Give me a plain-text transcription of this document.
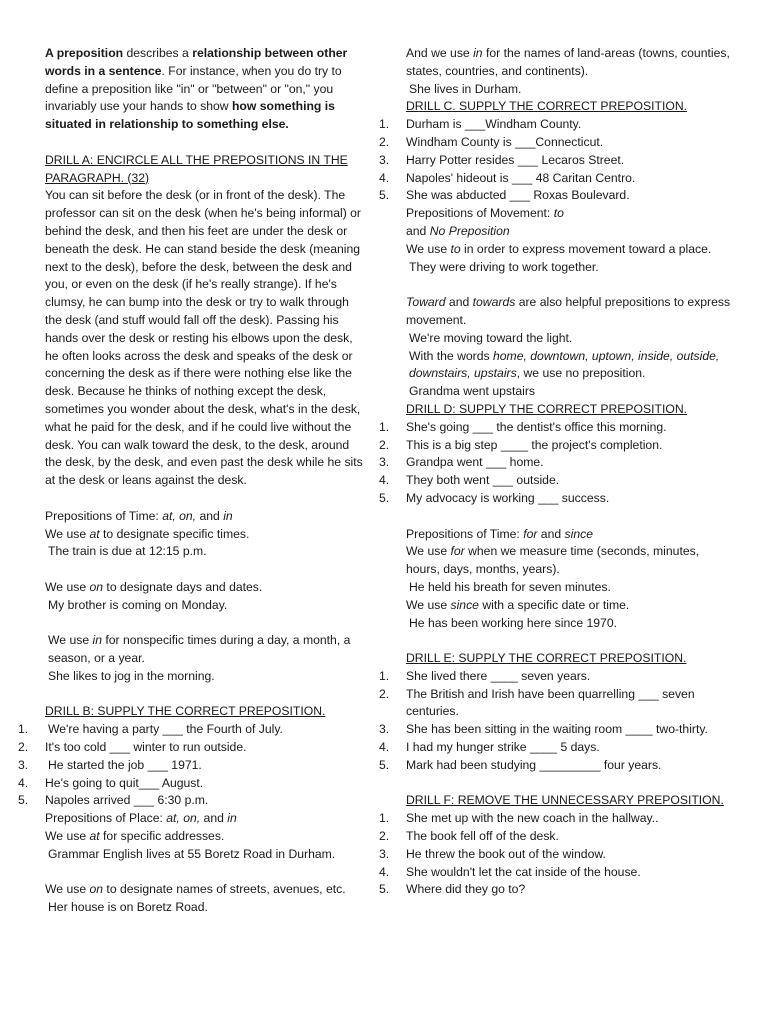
A preposition describes a relationship between other words in a sentence. For instance, when you do try to define a preposition like "in" or "between" or "on," you invariably use your hands to show how something is situated in relationship to something else.

DRILL A: ENCIRCLE ALL THE PREPOSITIONS IN THE PARAGRAPH. (32)

You can sit before the desk (or in front of the desk). The professor can sit on the desk (when he's being informal) or behind the desk, and then his feet are under the desk or beneath the desk. He can stand beside the desk (meaning next to the desk), before the desk, between the desk and you, or even on the desk (if he's really strange). If he's clumsy, he can bump into the desk or try to walk through the desk (and stuff would fall off the desk). Passing his hands over the desk or resting his elbows upon the desk, he often looks across the desk and speaks of the desk or concerning the desk as if there were nothing else like the desk. Because he thinks of nothing except the desk, sometimes you wonder about the desk, what's in the desk, what he paid for the desk, and if he could live without the desk. You can walk toward the desk, to the desk, around the desk, by the desk, and even past the desk while he sits at the desk or leans against the desk.

Prepositions of Time: at, on, and in

We use at to designate specific times.

The train is due at 12:15 p.m.

We use on to designate days and dates.

My brother is coming on Monday.

We use in for nonspecific times during a day, a month, a season, or a year.

She likes to jog in the morning.

DRILL B: SUPPLY THE CORRECT PREPOSITION.

1.	We're having a party ___ the Fourth of July.
2.	It's too cold ___ winter to run outside.
3.	He started the job ___ 1971.
4.	He's going to quit___ August.
5.	Napoles arrived ___ 6:30 p.m.

Prepositions of Place: at, on, and in

We use at for specific addresses.

Grammar English lives at 55 Boretz Road in Durham.

We use on to designate names of streets, avenues, etc.

Her house is on Boretz Road.

And we use in for the names of land-areas (towns, counties, states, countries, and continents).

She lives in Durham.

DRILL C. SUPPLY THE CORRECT PREPOSITION.

1.	Durham is ___Windham County.
2.	Windham County is ___Connecticut.
3.	Harry Potter resides ___ Lecaros Street.
4.	Napoles' hideout is ___ 48 Caritan Centro.
5.	She was abducted ___ Roxas Boulevard.

Prepositions of Movement: to

and No Preposition

We use to in order to express movement toward a place.

They were driving to work together.

Toward and towards are also helpful prepositions to express movement.

We're moving toward the light.

With the words home, downtown, uptown, inside, outside, downstairs, upstairs, we use no preposition.

Grandma went upstairs

DRILL D: SUPPLY THE CORRECT PREPOSITION.

1.	She's going ___ the dentist's office this morning.
2.	This is a big step ____ the project's completion.
3.	Grandpa went ___ home.
4.	They both went ___ outside.
5.	My advocacy is working ___ success.

Prepositions of Time: for and since

We use for when we measure time (seconds, minutes, hours, days, months, years).

He held his breath for seven minutes.

We use since with a specific date or time.

He has been working here since 1970.

DRILL E: SUPPLY THE CORRECT PREPOSITION.

1.	She lived there ____ seven years.
2.	The British and Irish have been quarrelling ___ seven centuries.
3.	She has been sitting in the waiting room ____ two-thirty.
4.	I had my hunger strike ____ 5 days.
5.	Mark had been studying _________ four years.

DRILL F: REMOVE THE UNNECESSARY PREPOSITION.

1.	She met up with the new coach in the hallway..
2.	The book fell off of the desk.
3.	He threw the book out of the window.
4.	She wouldn't let the cat inside of the house.
5.	Where did they go to?
